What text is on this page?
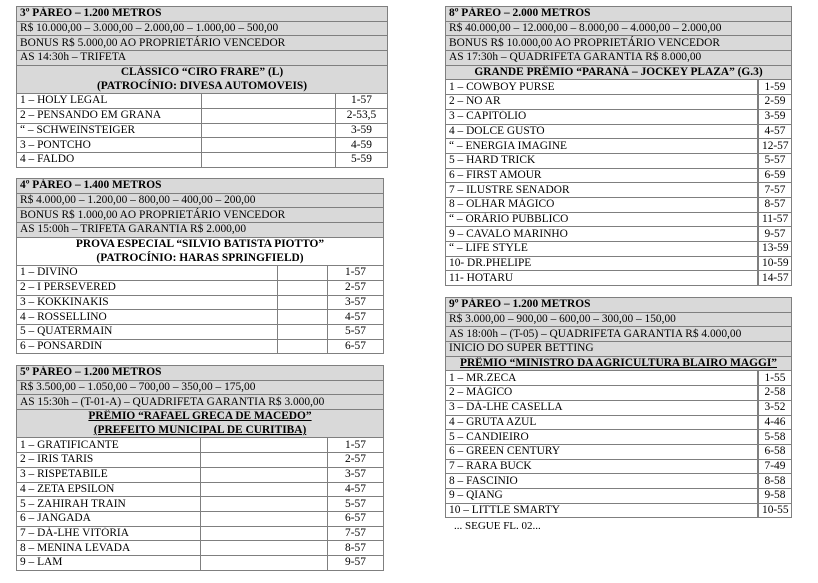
3º PÁREO – 1.200 METROS		
R$ 10.000,00 – 3.000,00 – 2.000,00 – 1.000,00 – 500,00		
BONUS R$ 5.000,00 AO PROPRIETÁRIO VENCEDOR		
AS 14:30h – TRIFETA		
CLÁSSICO “CIRO FRARE” (L)		
(PATROCÍNIO: DIVESA AUTOMOVEIS)		
1 – HOLY LEGAL		1-57
2 – PENSANDO EM GRANA		2-53,5
“ – SCHWEINSTEIGER		3-59
3 – PONTCHO		4-59
4 – FALDO		5-59
4º PÁREO – 1.400 METROS		
R$ 4.000,00 – 1.200,00 – 800,00 – 400,00 – 200,00		
BONUS R$ 1.000,00 AO PROPRIETÁRIO VENCEDOR		
AS 15:00h – TRIFETA GARANTIA R$ 2.000,00		
PROVA ESPECIAL “SILVIO BATISTA PIOTTO”		
(PATROCÍNIO: HARAS SPRINGFIELD)		
1 – DIVINO		1-57
2 – I PERSEVERED		2-57
3 – KOKKINAKIS		3-57
4 – ROSSELLINO		4-57
5 – QUATERMAIN		5-57
6 – PONSARDIN		6-57
5º PÁREO – 1.200 METROS		
R$ 3.500,00 – 1.050,00 – 700,00 – 350,00 – 175,00		
AS 15:30h – (T-01-A) – QUADRIFETA GARANTIA R$ 3.000,00		
PRÊMIO “RAFAEL GRECA DE MACEDO”		
(PREFEITO MUNICIPAL DE CURITIBA)		
1 – GRATIFICANTE		1-57
2 – IRIS TARIS		2-57
3 – RISPETABILE		3-57
4 – ZETA EPSILON		4-57
5 – ZAHIRAH TRAIN		5-57
6 – JANGADA		6-57
7 – DÁ-LHE VITÓRIA		7-57
8 – MENINA LEVADA		8-57
9 – LAM		9-57
8º PÁREO – 2.000 METROS	
R$ 40.000,00 – 12.000,00 – 8.000,00 – 4.000,00 – 2.000,00	
BONUS R$ 10.000,00 AO PROPRIETÁRIO VENCEDOR	
AS 17:30h – QUADRIFETA GARANTIA R$ 8.000,00	
GRANDE PRÊMIO “PARANÁ – JOCKEY PLAZA” (G.3)	
1 – COWBOY PURSE		1-59
2 – NO AR		2-59
3 – CAPITÓLIO		3-59
4 – DOLCE GUSTO		4-57
“ – ENERGIA IMAGINE		12-57
5 – HARD TRICK		5-57
6 – FIRST AMOUR		6-59
7 – ILUSTRE SENADOR		7-57
8 – OLHAR MÁGICO		8-57
“ – ORÁRIO PUBBLICO		11-57
9 – CAVALO MARINHO		9-57
“ – LIFE STYLE		13-59
10- DR.PHELIPE		10-59
11- HOTARU		14-57
9º PÁREO – 1.200 METROS	
R$ 3.000,00 – 900,00 – 600,00 – 300,00 – 150,00	
AS 18:00h – (T-05) – QUADRIFETA GARANTIA R$ 4.000,00	
INICIO DO SUPER BETTING	
PRÊMIO “MINISTRO DA AGRICULTURA BLAIRO MAGGI”	
1 – MR.ZECA		1-55
2 – MÁGICO		2-58
3 – DÁ-LHE CASELLA		3-52
4 – GRUTA AZUL		4-46
5 – CANDIEIRO		5-58
6 – GREEN CENTURY		6-58
7 – RARA BUCK		7-49
8 – FASCINIO		8-58
9 – QIANG		9-58
10 – LITTLE SMARTY		10-55
... SEGUE FL. 02...
